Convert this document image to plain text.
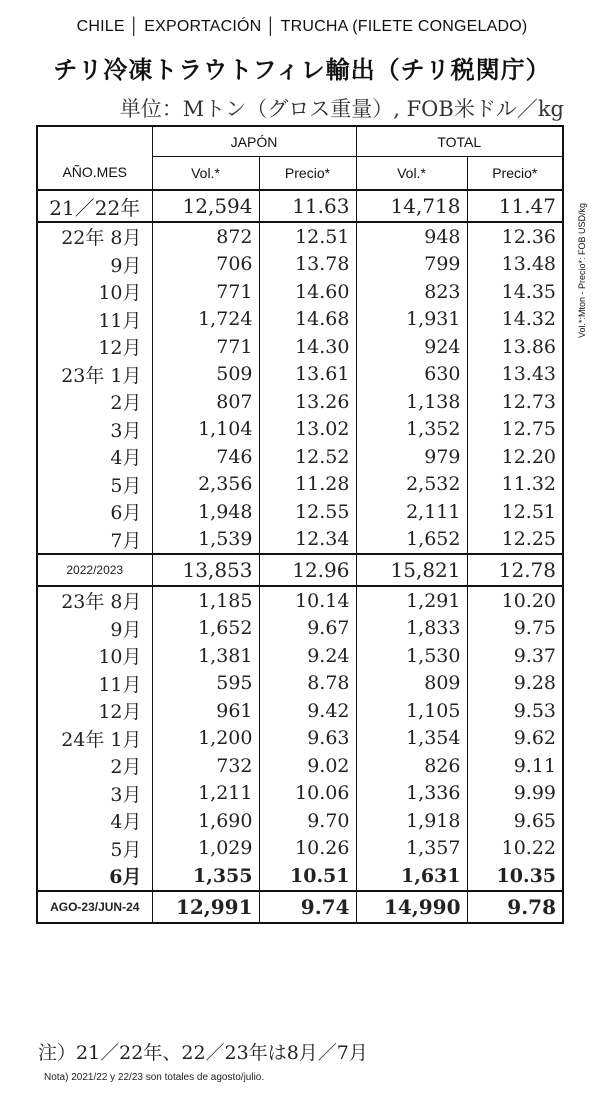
CHILE │ EXPORTACIÓN │ TRUCHA (FILETE CONGELADO)
チリ冷凍トラウトフィレ輸出（チリ税関庁）
単位：Mトン（グロス重量）, FOB米ドル／kg
AÑO.MES	JAPÓN		TOTAL	
	Vol.*	Precio*	Vol.*	Precio*
21／22年	12,594	11.63	14,718	11.47
22年 8月	872	12.51	948	12.36
9月	706	13.78	799	13.48
10月	771	14.60	823	14.35
11月	1,724	14.68	1,931	14.32
12月	771	14.30	924	13.86
23年 1月	509	13.61	630	13.43
2月	807	13.26	1,138	12.73
3月	1,104	13.02	1,352	12.75
4月	746	12.52	979	12.20
5月	2,356	11.28	2,532	11.32
6月	1,948	12.55	2,111	12.51
7月	1,539	12.34	1,652	12.25
2022/2023	13,853	12.96	15,821	12.78
23年 8月	1,185	10.14	1,291	10.20
9月	1,652	9.67	1,833	9.75
10月	1,381	9.24	1,530	9.37
11月	595	8.78	809	9.28
12月	961	9.42	1,105	9.53
24年 1月	1,200	9.63	1,354	9.62
2月	732	9.02	826	9.11
3月	1,211	10.06	1,336	9.99
4月	1,690	9.70	1,918	9.65
5月	1,029	10.26	1,357	10.22
6月	1,355	10.51	1,631	10.35
AGO-23/JUN-24	12,991	9.74	14,990	9.78
Vol.*:Mton - Precio*: FOB USD/kg
注）21／22年、22／23年は8月／7月
Nota) 2021/22 y 22/23 son totales de agosto/julio.
